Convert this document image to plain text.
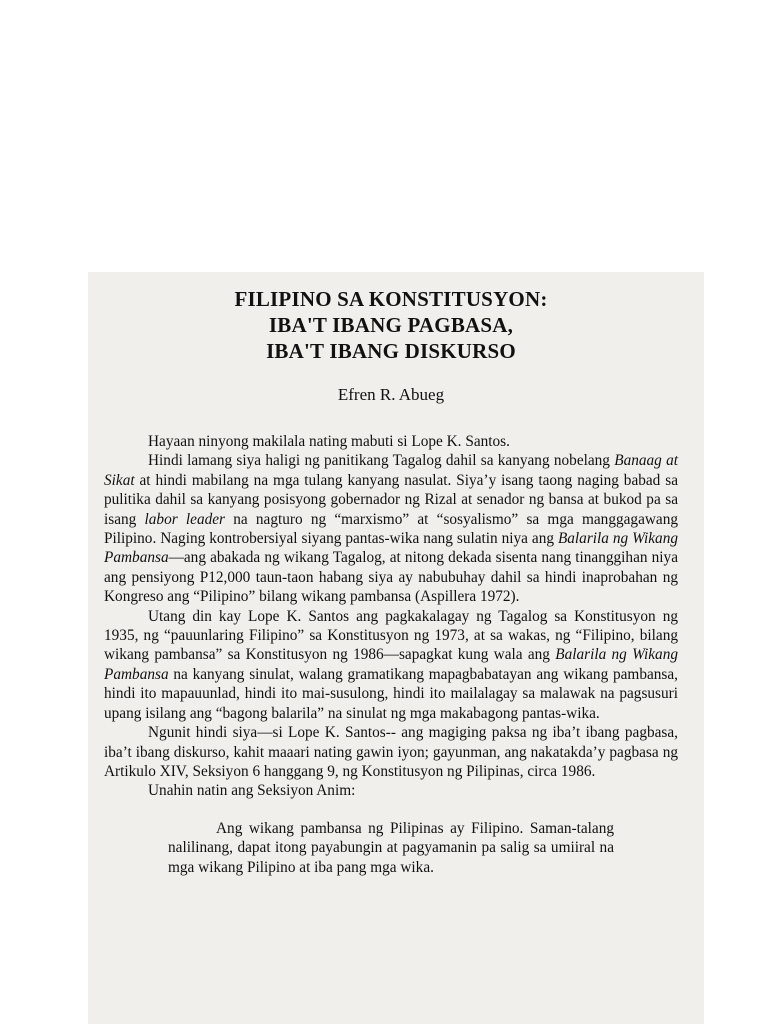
FILIPINO SA KONSTITUSYON:
IBA'T IBANG PAGBASA,
IBA'T IBANG DISKURSO
Efren R. Abueg

Hayaan ninyong makilala nating mabuti si Lope K. Santos.

Hindi lamang siya haligi ng panitikang Tagalog dahil sa kanyang nobelang Banaag at Sikat at hindi mabilang na mga tulang kanyang nasulat. Siya’y isang taong naging babad sa pulitika dahil sa kanyang posisyong gobernador ng Rizal at senador ng bansa at bukod pa sa isang labor leader na nagturo ng “marxismo” at “sosyalismo” sa mga manggagawang Pilipino. Naging kontrobersiyal siyang pantas-wika nang sulatin niya ang Balarila ng Wikang Pambansa—ang abakada ng wikang Tagalog, at nitong dekada sisenta nang tinanggihan niya ang pensiyong P12,000 taun-taon habang siya ay nabubuhay dahil sa hindi inaprobahan ng Kongreso ang “Pilipino” bilang wikang pambansa (Aspillera 1972).

Utang din kay Lope K. Santos ang pagkakalagay ng Tagalog sa Konstitusyon ng 1935, ng “pauunlaring Filipino” sa Konstitusyon ng 1973, at sa wakas, ng “Filipino, bilang wikang pambansa” sa Konstitusyon ng 1986—sapagkat kung wala ang Balarila ng Wikang Pambansa na kanyang sinulat, walang gramatikang mapagbabatayan ang wikang pambansa, hindi ito mapauunlad, hindi ito mai-susulong, hindi ito mailalagay sa malawak na pagsusuri upang isilang ang “bagong balarila” na sinulat ng mga makabagong pantas-wika.

Ngunit hindi siya—si Lope K. Santos-- ang magiging paksa ng iba’t ibang pagbasa, iba’t ibang diskurso, kahit maaari nating gawin iyon; gayunman, ang nakatakda’y pagbasa ng Artikulo XIV, Seksiyon 6 hanggang 9, ng Konstitusyon ng Pilipinas, circa 1986.

Unahin natin ang Seksiyon Anim:

Ang wikang pambansa ng Pilipinas ay Filipino. Saman-talang nalilinang, dapat itong payabungin at pagyamanin pa salig sa umiiral na mga wikang Pilipino at iba pang mga wika.
